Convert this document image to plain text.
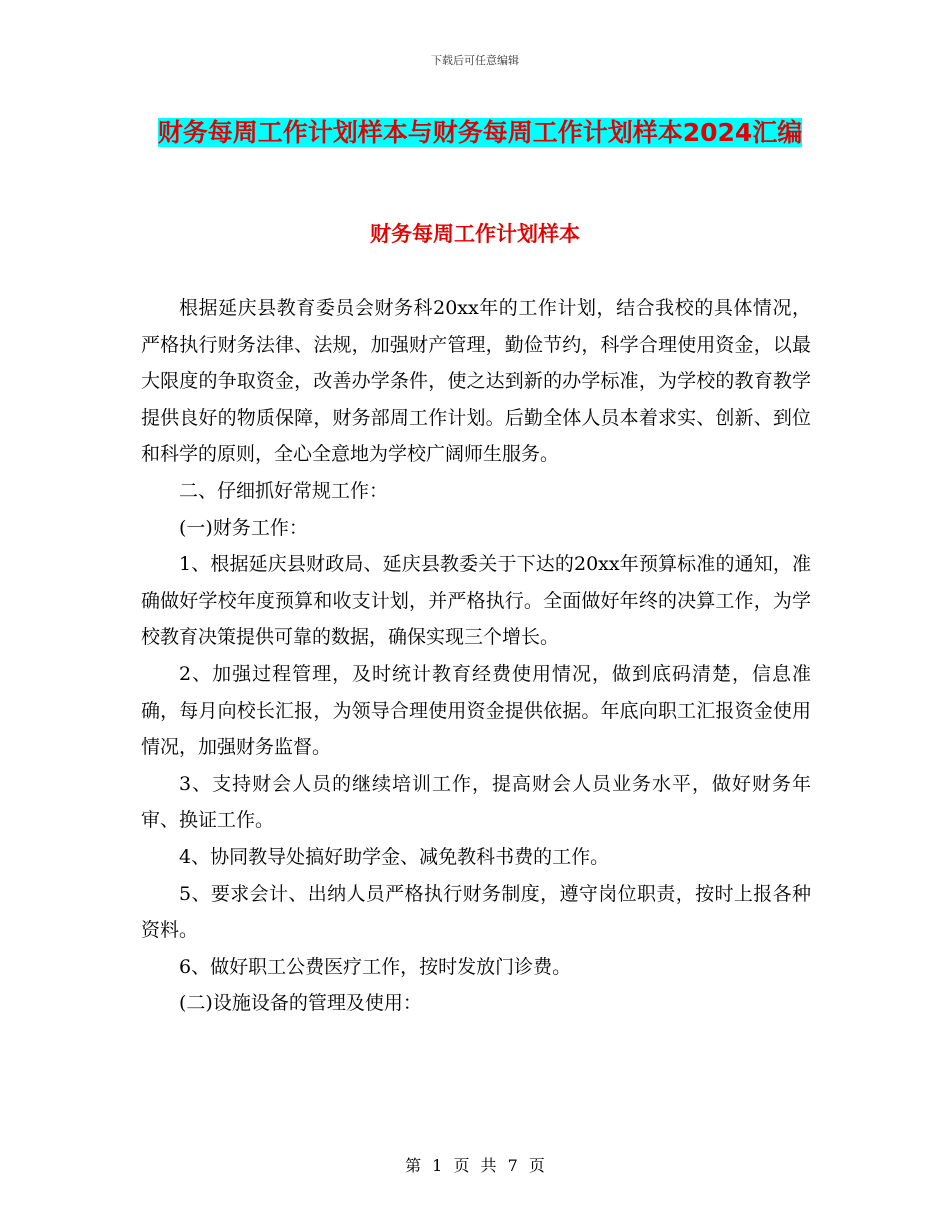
下载后可任意编辑
财务每周工作计划样本与财务每周工作计划样本2024汇编
财务每周工作计划样本

根据延庆县教育委员会财务科20xx年的工作计划，结合我校的具体情况，严格执行财务法律、法规，加强财产管理，勤俭节约，科学合理使用资金，以最大限度的争取资金，改善办学条件，使之达到新的办学标准，为学校的教育教学提供良好的物质保障，财务部周工作计划。后勤全体人员本着求实、创新、到位和科学的原则，全心全意地为学校广阔师生服务。

二、仔细抓好常规工作：

(一)财务工作：

1、根据延庆县财政局、延庆县教委关于下达的20xx年预算标准的通知，准确做好学校年度预算和收支计划，并严格执行。全面做好年终的决算工作，为学校教育决策提供可靠的数据，确保实现三个增长。

2、加强过程管理，及时统计教育经费使用情况，做到底码清楚，信息准确，每月向校长汇报，为领导合理使用资金提供依据。年底向职工汇报资金使用情况，加强财务监督。

3、支持财会人员的继续培训工作，提高财会人员业务水平，做好财务年审、换证工作。

4、协同教导处搞好助学金、减免教科书费的工作。

5、要求会计、出纳人员严格执行财务制度，遵守岗位职责，按时上报各种资料。

6、做好职工公费医疗工作，按时发放门诊费。

(二)设施设备的管理及使用：

第 1 页 共 7 页
